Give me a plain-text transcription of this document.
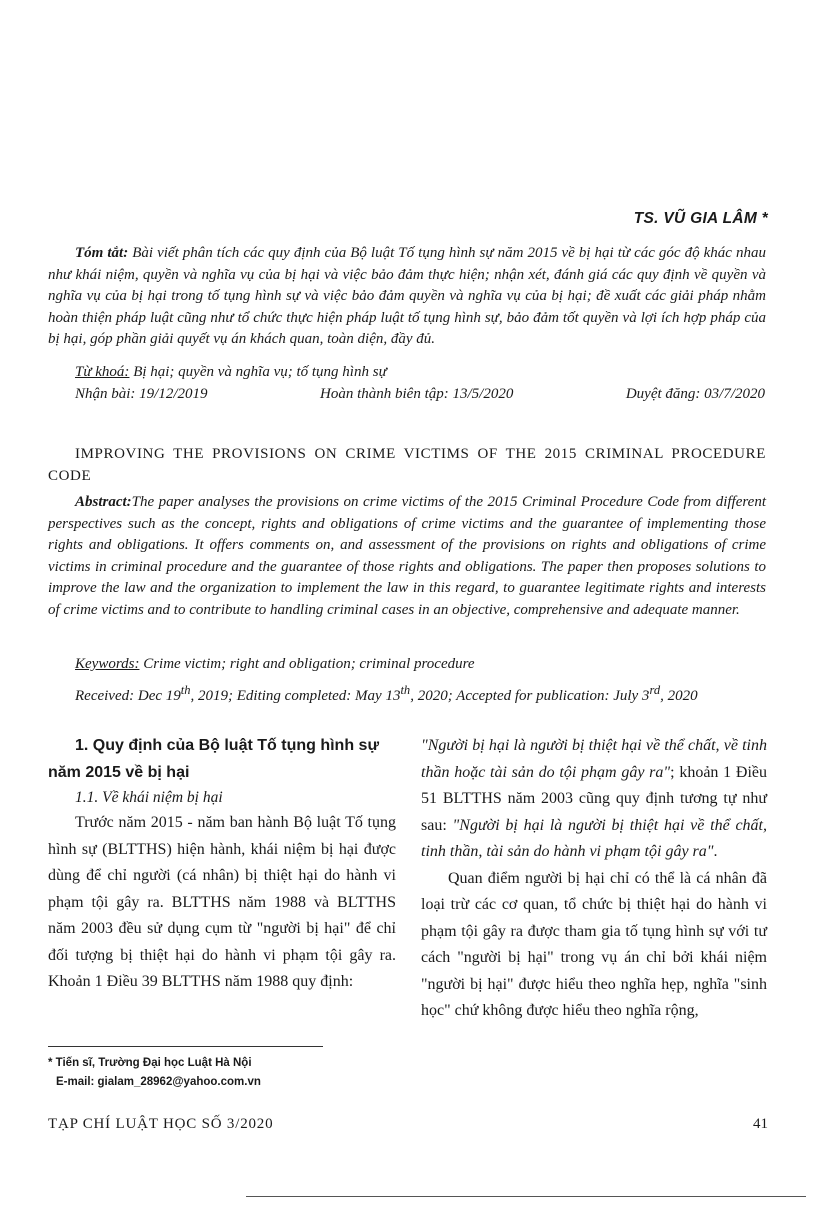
TS. VŨ GIA LÂM *
Tóm tắt: Bài viết phân tích các quy định của Bộ luật Tố tụng hình sự năm 2015 về bị hại từ các góc độ khác nhau như khái niệm, quyền và nghĩa vụ của bị hại và việc bảo đảm thực hiện; nhận xét, đánh giá các quy định về quyền và nghĩa vụ của bị hại trong tố tụng hình sự và việc bảo đảm quyền và nghĩa vụ của bị hại; đề xuất các giải pháp nhằm hoàn thiện pháp luật cũng như tổ chức thực hiện pháp luật tố tụng hình sự, bảo đảm tốt quyền và lợi ích hợp pháp của bị hại, góp phần giải quyết vụ án khách quan, toàn diện, đầy đủ.
Từ khoá: Bị hại; quyền và nghĩa vụ; tố tụng hình sự
Nhận bài: 19/12/2019	Hoàn thành biên tập: 13/5/2020	Duyệt đăng: 03/7/2020
IMPROVING THE PROVISIONS ON CRIME VICTIMS OF THE 2015 CRIMINAL PROCEDURE CODE
Abstract:The paper analyses the provisions on crime victims of the 2015 Criminal Procedure Code from different perspectives such as the concept, rights and obligations of crime victims and the guarantee of implementing those rights and obligations. It offers comments on, and assessment of the provisions on rights and obligations of crime victims in criminal procedure and the guarantee of those rights and obligations. The paper then proposes solutions to improve the law and the organization to implement the law in this regard, to guarantee legitimate rights and interests of crime victims and to contribute to handling criminal cases in an objective, comprehensive and adequate manner.
Keywords: Crime victim; right and obligation; criminal procedure
Received: Dec 19th, 2019; Editing completed: May 13th, 2020; Accepted for publication: July 3rd, 2020
1. Quy định của Bộ luật Tố tụng hình sự năm 2015 về bị hại
1.1. Về khái niệm bị hại

Trước năm 2015 - năm ban hành Bộ luật Tố tụng hình sự (BLTTHS) hiện hành, khái niệm bị hại được dùng để chỉ người (cá nhân) bị thiệt hại do hành vi phạm tội gây ra. BLTTHS năm 1988 và BLTTHS năm 2003 đều sử dụng cụm từ "người bị hại" để chỉ đối tượng bị thiệt hại do hành vi phạm tội gây ra. Khoản 1 Điều 39 BLTTHS năm 1988 quy định:

"Người bị hại là người bị thiệt hại về thể chất, về tinh thần hoặc tài sản do tội phạm gây ra"; khoản 1 Điều 51 BLTTHS năm 2003 cũng quy định tương tự như sau: "Người bị hại là người bị thiệt hại về thể chất, tinh thần, tài sản do hành vi phạm tội gây ra".

Quan điểm người bị hại chỉ có thể là cá nhân đã loại trừ các cơ quan, tổ chức bị thiệt hại do hành vi phạm tội gây ra được tham gia tố tụng hình sự với tư cách "người bị hại" trong vụ án chỉ bởi khái niệm "người bị hại" được hiểu theo nghĩa hẹp, nghĩa "sinh học" chứ không được hiểu theo nghĩa rộng,

* Tiến sĩ, Trường Đại học Luật Hà Nội
E-mail: gialam_28962@yahoo.com.vn
TẠP CHÍ LUẬT HỌC SỐ 3/2020	41
